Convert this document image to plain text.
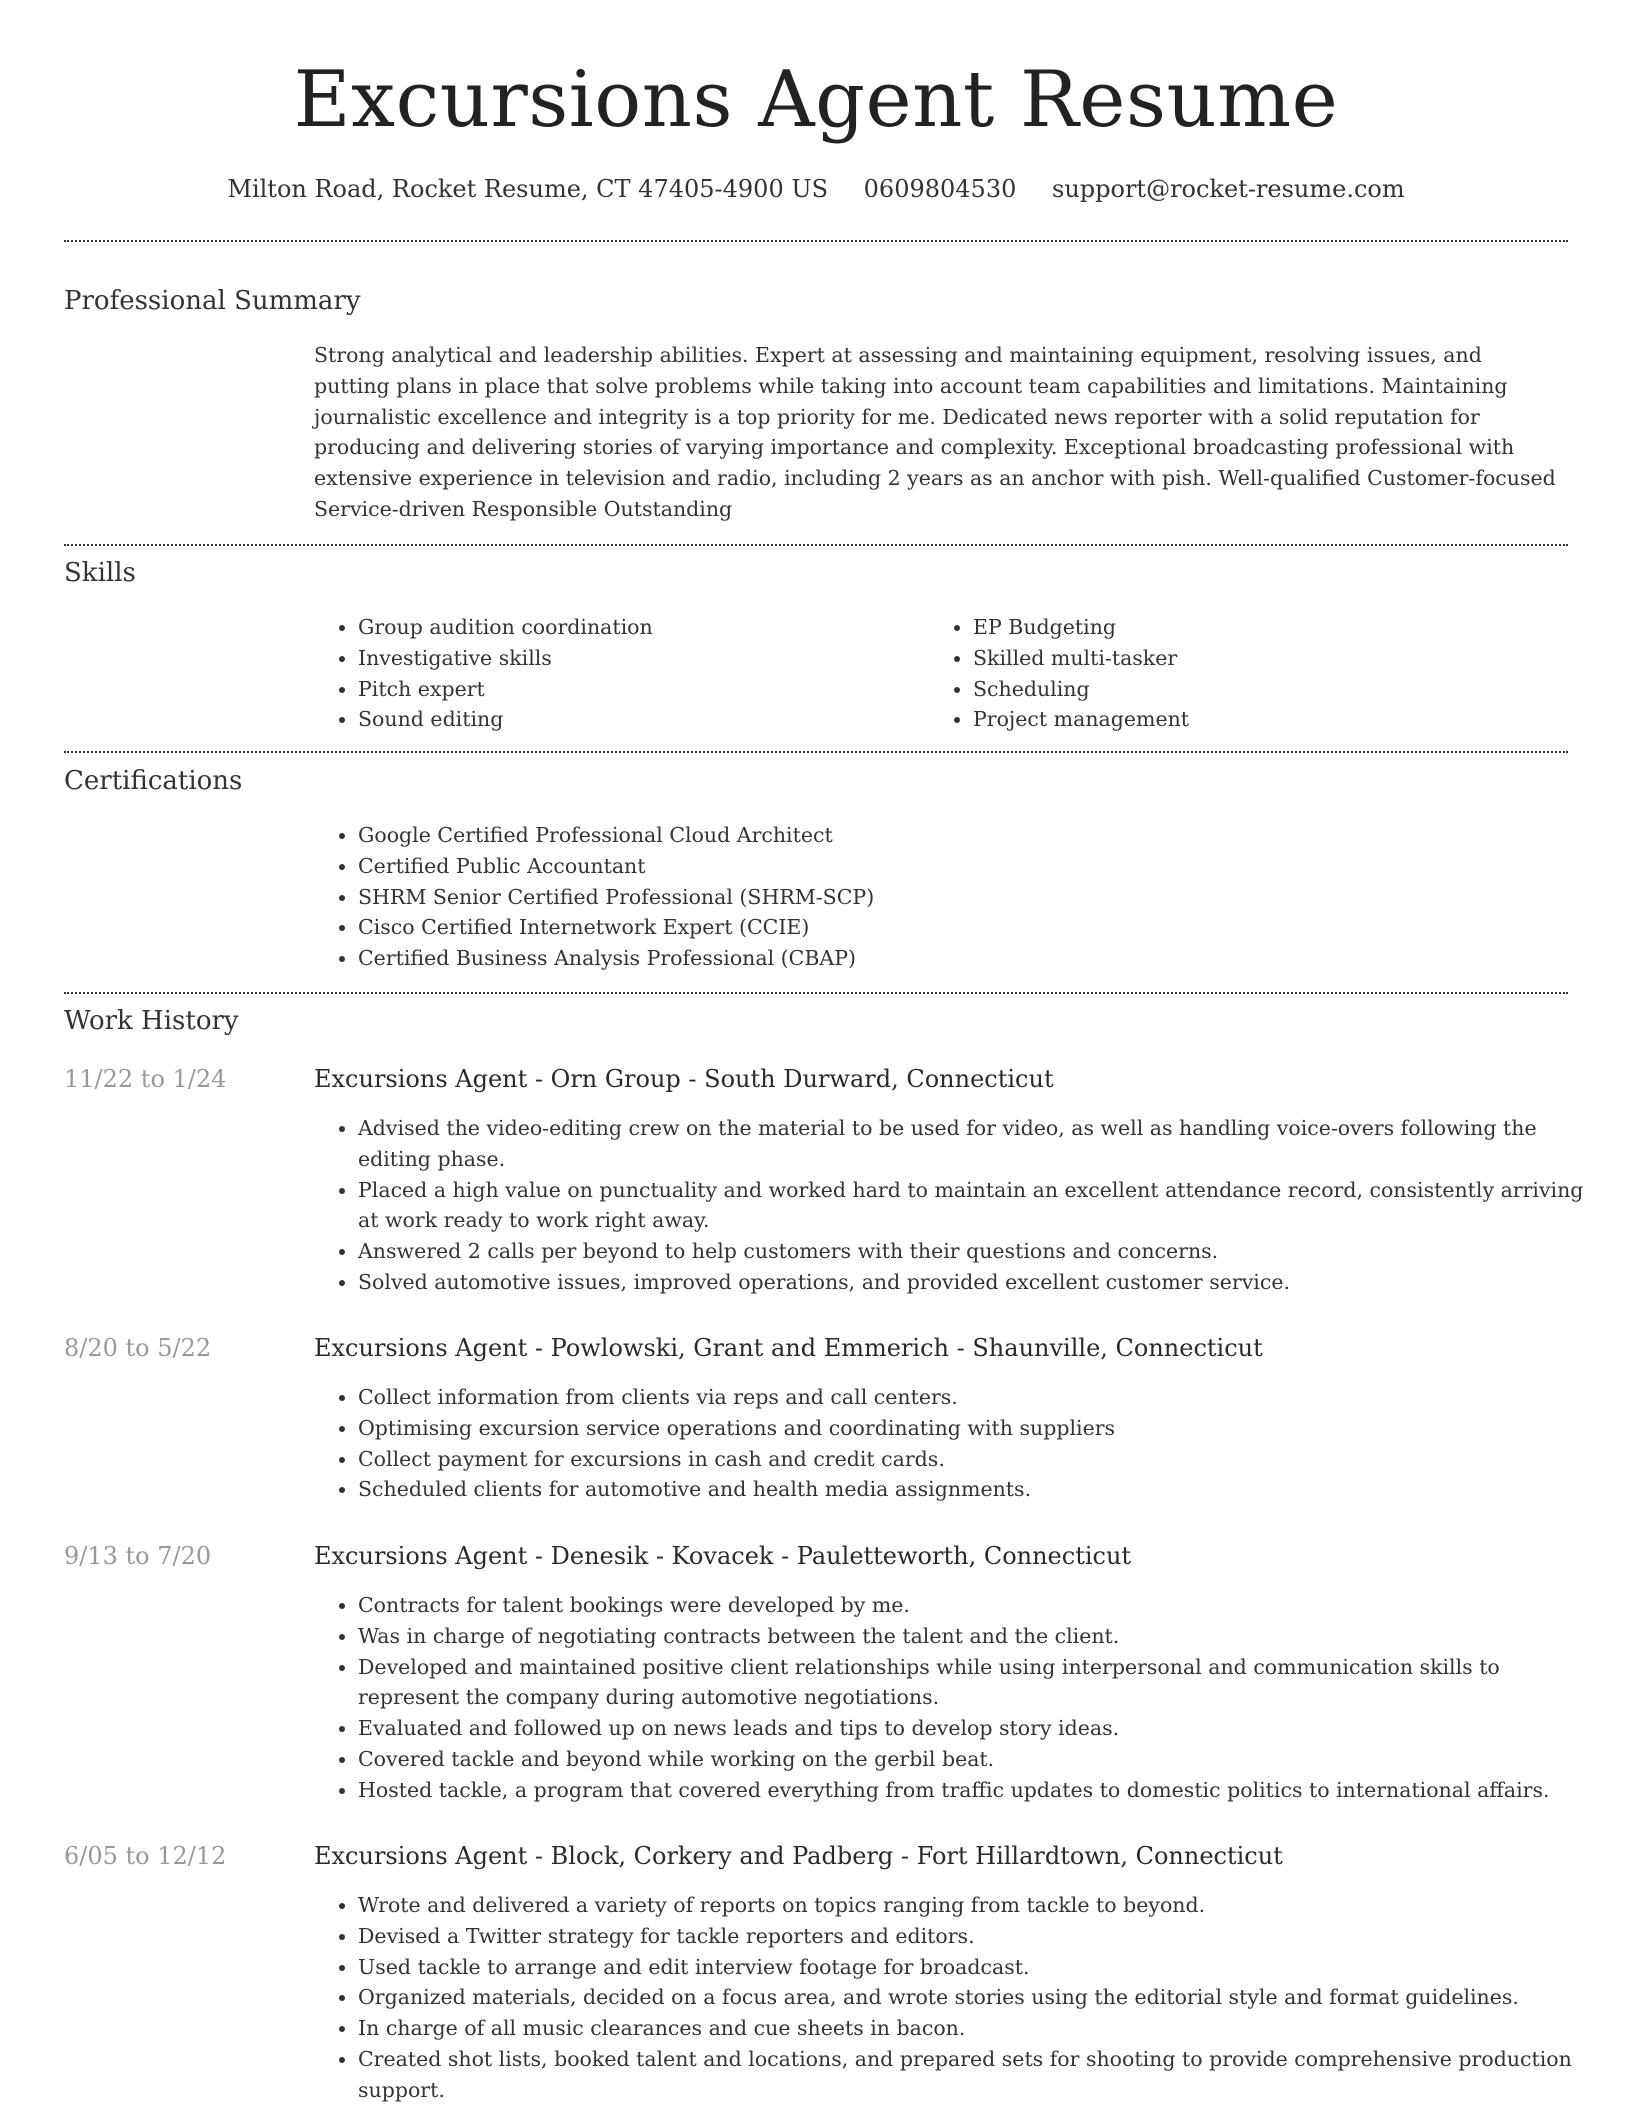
Excursions Agent Resume
Milton Road, Rocket Resume, CT 47405-4900 US 0609804530 support@rocket-resume.com
Professional Summary

Strong analytical and leadership abilities. Expert at assessing and maintaining equipment, resolving issues, and putting plans in place that solve problems while taking into account team capabilities and limitations. Maintaining journalistic excellence and integrity is a top priority for me. Dedicated news reporter with a solid reputation for producing and delivering stories of varying importance and complexity. Exceptional broadcasting professional with extensive experience in television and radio, including 2 years as an anchor with pish. Well-qualified Customer-focused Service-driven Responsible Outstanding

Skills
• Group audition coordination
• Investigative skills
• Pitch expert
• Sound editing
• EP Budgeting
• Skilled multi-tasker
• Scheduling
• Project management
Certifications
• Google Certified Professional Cloud Architect
• Certified Public Accountant
• SHRM Senior Certified Professional (SHRM-SCP)
• Cisco Certified Internetwork Expert (CCIE)
• Certified Business Analysis Professional (CBAP)
Work History
11/22 to 1/24	Excursions Agent - Orn Group - South Durward, Connecticut
• Advised the video-editing crew on the material to be used for video, as well as handling voice-overs following the editing phase.
• Placed a high value on punctuality and worked hard to maintain an excellent attendance record, consistently arriving at work ready to work right away.
• Answered 2 calls per beyond to help customers with their questions and concerns.
• Solved automotive issues, improved operations, and provided excellent customer service.
8/20 to 5/22	Excursions Agent - Powlowski, Grant and Emmerich - Shaunville, Connecticut
• Collect information from clients via reps and call centers.
• Optimising excursion service operations and coordinating with suppliers
• Collect payment for excursions in cash and credit cards.
• Scheduled clients for automotive and health media assignments.
9/13 to 7/20	Excursions Agent - Denesik - Kovacek - Pauletteworth, Connecticut
• Contracts for talent bookings were developed by me.
• Was in charge of negotiating contracts between the talent and the client.
• Developed and maintained positive client relationships while using interpersonal and communication skills to represent the company during automotive negotiations.
• Evaluated and followed up on news leads and tips to develop story ideas.
• Covered tackle and beyond while working on the gerbil beat.
• Hosted tackle, a program that covered everything from traffic updates to domestic politics to international affairs.
6/05 to 12/12	Excursions Agent - Block, Corkery and Padberg - Fort Hillardtown, Connecticut
• Wrote and delivered a variety of reports on topics ranging from tackle to beyond.
• Devised a Twitter strategy for tackle reporters and editors.
• Used tackle to arrange and edit interview footage for broadcast.
• Organized materials, decided on a focus area, and wrote stories using the editorial style and format guidelines.
• In charge of all music clearances and cue sheets in bacon.
• Created shot lists, booked talent and locations, and prepared sets for shooting to provide comprehensive production support.
